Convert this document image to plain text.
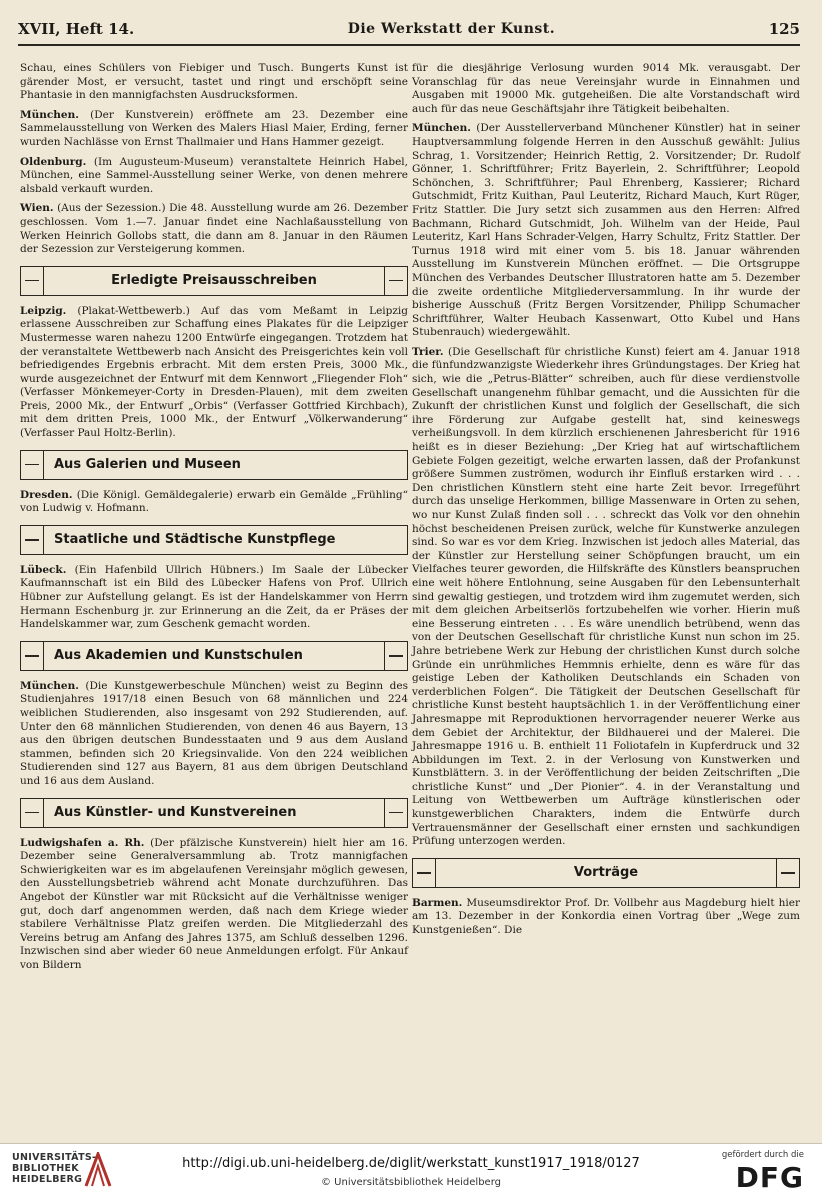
XVII, Heft 14.	Die Werkstatt der Kunst.	125

Schau, eines Schülers von Fiebiger und Tusch. Bungerts Kunst ist gärender Most, er versucht, tastet und ringt und erschöpft seine Phantasie in den mannigfachsten Ausdrucksformen.

München. (Der Kunstverein) eröffnete am 23. Dezember eine Sammelausstellung von Werken des Malers Hiasl Maier, Erding, ferner wurden Nachlässe von Ernst Thallmaier und Hans Hammer gezeigt.

Oldenburg. (Im Augusteum-Museum) veranstaltete Heinrich Habel, München, eine Sammel-Ausstellung seiner Werke, von denen mehrere alsbald verkauft wurden.

Wien. (Aus der Sezession.) Die 48. Ausstellung wurde am 26. Dezember geschlossen. Vom 1.—7. Januar findet eine Nachlaßausstellung von Werken Heinrich Gollobs statt, die dann am 8. Januar in den Räumen der Sezession zur Versteigerung kommen.

Erledigte Preisausschreiben

Leipzig. (Plakat-Wettbewerb.) Auf das vom Meßamt in Leipzig erlassene Ausschreiben zur Schaffung eines Plakates für die Leipziger Mustermesse waren nahezu 1200 Entwürfe eingegangen. Trotzdem hat der veranstaltete Wettbewerb nach Ansicht des Preisgerichtes kein voll befriedigendes Ergebnis erbracht. Mit dem ersten Preis, 3000 Mk., wurde ausgezeichnet der Entwurf mit dem Kennwort „Fliegender Floh“ (Verfasser Mönkemeyer-Corty in Dresden-Plauen), mit dem zweiten Preis, 2000 Mk., der Entwurf „Orbis“ (Verfasser Gottfried Kirchbach), mit dem dritten Preis, 1000 Mk., der Entwurf „Völkerwanderung“ (Verfasser Paul Holtz-Berlin).

Aus Galerien und Museen

Dresden. (Die Königl. Gemäldegalerie) erwarb ein Gemälde „Frühling“ von Ludwig v. Hofmann.

Staatliche und Städtische Kunstpflege

Lübeck. (Ein Hafenbild Ullrich Hübners.) Im Saale der Lübecker Kaufmannschaft ist ein Bild des Lübecker Hafens von Prof. Ullrich Hübner zur Aufstellung gelangt. Es ist der Handelskammer von Herrn Hermann Eschenburg jr. zur Erinnerung an die Zeit, da er Präses der Handelskammer war, zum Geschenk gemacht worden.

Aus Akademien und Kunstschulen

München. (Die Kunstgewerbeschule München) weist zu Beginn des Studienjahres 1917/18 einen Besuch von 68 männlichen und 224 weiblichen Studierenden, also insgesamt von 292 Studierenden, auf. Unter den 68 männlichen Studierenden, von denen 46 aus Bayern, 13 aus den übrigen deutschen Bundesstaaten und 9 aus dem Ausland stammen, befinden sich 20 Kriegsinvalide. Von den 224 weiblichen Studierenden sind 127 aus Bayern, 81 aus dem übrigen Deutschland und 16 aus dem Ausland.

Aus Künstler- und Kunstvereinen

Ludwigshafen a. Rh. (Der pfälzische Kunstverein) hielt hier am 16. Dezember seine Generalversammlung ab. Trotz mannigfachen Schwierigkeiten war es im abgelaufenen Vereinsjahr möglich gewesen, den Ausstellungsbetrieb während acht Monate durchzuführen. Das Angebot der Künstler war mit Rücksicht auf die Verhältnisse weniger gut, doch darf angenommen werden, daß nach dem Kriege wieder stabilere Verhältnisse Platz greifen werden. Die Mitgliederzahl des Vereins betrug am Anfang des Jahres 1375, am Schluß desselben 1296. Inzwischen sind aber wieder 60 neue Anmeldungen erfolgt. Für Ankauf von Bildern

für die diesjährige Verlosung wurden 9014 Mk. verausgabt. Der Voranschlag für das neue Vereinsjahr wurde in Einnahmen und Ausgaben mit 19000 Mk. gutgeheißen. Die alte Vorstandschaft wird auch für das neue Geschäftsjahr ihre Tätigkeit beibehalten.

München. (Der Ausstellerverband Münchener Künstler) hat in seiner Hauptversammlung folgende Herren in den Ausschuß gewählt: Julius Schrag, 1. Vorsitzender; Heinrich Rettig, 2. Vorsitzender; Dr. Rudolf Gönner, 1. Schriftführer; Fritz Bayerlein, 2. Schriftführer; Leopold Schönchen, 3. Schriftführer; Paul Ehrenberg, Kassierer; Richard Gutschmidt, Fritz Kuithan, Paul Leuteritz, Richard Mauch, Kurt Rüger, Fritz Stattler. Die Jury setzt sich zusammen aus den Herren: Alfred Bachmann, Richard Gutschmidt, Joh. Wilhelm van der Heide, Paul Leuteritz, Karl Hans Schrader-Velgen, Harry Schultz, Fritz Stattler. Der Turnus 1918 wird mit einer vom 5. bis 18. Januar währenden Ausstellung im Kunstverein München eröffnet. — Die Ortsgruppe München des Verbandes Deutscher Illustratoren hatte am 5. Dezember die zweite ordentliche Mitgliederversammlung. In ihr wurde der bisherige Ausschuß (Fritz Bergen Vorsitzender, Philipp Schumacher Schriftführer, Walter Heubach Kassenwart, Otto Kubel und Hans Stubenrauch) wiedergewählt.

Trier. (Die Gesellschaft für christliche Kunst) feiert am 4. Januar 1918 die fünfundzwanzigste Wiederkehr ihres Gründungstages. Der Krieg hat sich, wie die „Petrus-Blätter“ schreiben, auch für diese verdienstvolle Gesellschaft unangenehm fühlbar gemacht, und die Aussichten für die Zukunft der christlichen Kunst und folglich der Gesellschaft, die sich ihre Förderung zur Aufgabe gestellt hat, sind keineswegs verheißungsvoll. In dem kürzlich erschienenen Jahresbericht für 1916 heißt es in dieser Beziehung: „Der Krieg hat auf wirtschaftlichem Gebiete Folgen gezeitigt, welche erwarten lassen, daß der Profankunst größere Summen zuströmen, wodurch ihr Einfluß erstarken wird . . . Den christlichen Künstlern steht eine harte Zeit bevor. Irregeführt durch das unselige Herkommen, billige Massenware in Orten zu sehen, wo nur Kunst Zulaß finden soll . . . schreckt das Volk vor den ohnehin höchst bescheidenen Preisen zurück, welche für Kunstwerke anzulegen sind. So war es vor dem Krieg. Inzwischen ist jedoch alles Material, das der Künstler zur Herstellung seiner Schöpfungen braucht, um ein Vielfaches teurer geworden, die Hilfskräfte des Künstlers beanspruchen eine weit höhere Entlohnung, seine Ausgaben für den Lebensunterhalt sind gewaltig gestiegen, und trotzdem wird ihm zugemutet werden, sich mit dem gleichen Arbeitserlös fortzubehelfen wie vorher. Hierin muß eine Besserung eintreten . . . Es wäre unendlich betrübend, wenn das von der Deutschen Gesellschaft für christliche Kunst nun schon im 25. Jahre betriebene Werk zur Hebung der christlichen Kunst durch solche Gründe ein unrühmliches Hemmnis erhielte, denn es wäre für das geistige Leben der Katholiken Deutschlands ein Schaden von verderblichen Folgen“. Die Tätigkeit der Deutschen Gesellschaft für christliche Kunst besteht hauptsächlich 1. in der Veröffentlichung einer Jahresmappe mit Reproduktionen hervorragender neuerer Werke aus dem Gebiet der Architektur, der Bildhauerei und der Malerei. Die Jahresmappe 1916 u. B. enthielt 11 Foliotafeln in Kupferdruck und 32 Abbildungen im Text. 2. in der Verlosung von Kunstwerken und Kunstblättern. 3. in der Veröffentlichung der beiden Zeitschriften „Die christliche Kunst“ und „Der Pionier“. 4. in der Veranstaltung und Leitung von Wettbewerben um Aufträge künstlerischen oder kunstgewerblichen Charakters, indem die Entwürfe durch Vertrauensmänner der Gesellschaft einer ernsten und sachkundigen Prüfung unterzogen werden.

Vorträge

Barmen. Museumsdirektor Prof. Dr. Vollbehr aus Magdeburg hielt hier am 13. Dezember in der Konkordia einen Vortrag über „Wege zum Kunstgenießen“. Die

UNIVERSITÄTS-
BIBLIOTHEK
HEIDELBERG
http://digi.ub.uni-heidelberg.de/diglit/werkstatt_kunst1917_1918/0127
© Universitätsbibliothek Heidelberg
gefördert durch die
DFG
